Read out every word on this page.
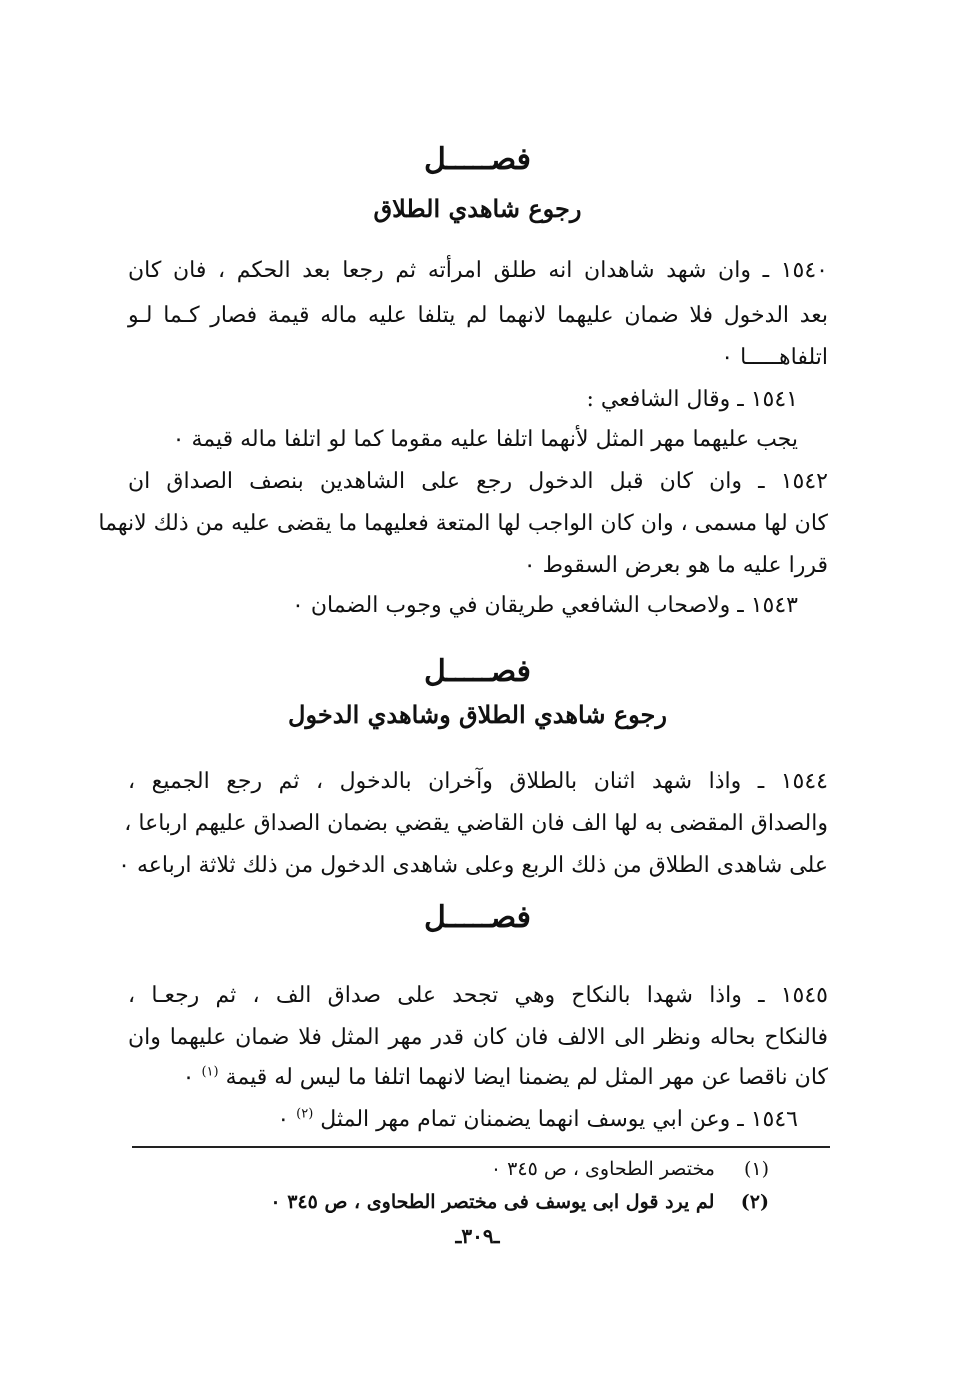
فصـــــل
رجوع شاهدي الطلاق
١٥٤٠ ـ وان شهد شاهدان انه طلق امرأته ثم رجعا بعد الحكم ، فان كان
بعد الدخول فلا ضمان عليهما لانهما لم يتلفا عليه ماله قيمة فصار كـما لـو
اتلفاهـــــا ٠
١٥٤١ ـ وقال الشافعي :
يجب عليهما مهر المثل لأنهما اتلفا عليه مقوما كما لو اتلفا ماله قيمة ٠
١٥٤٢ ـ وان كان قبل الدخول رجع على الشاهدين بنصف الصداق ان
كان لها مسمى ، وان كان الواجب لها المتعة فعليهما ما يقضى عليه من ذلك لانهما
قررا عليه ما هو بعرض السقوط ٠
١٥٤٣ ـ ولاصحاب الشافعي طريقان في وجوب الضمان ٠
فصـــــل
رجوع شاهدي الطلاق وشاهدي الدخول
١٥٤٤ ـ واذا شهد اثنان بالطلاق وآخران بالدخول ، ثم رجع الجميع ،
والصداق المقضى به لها الف فان القاضي يقضي بضمان الصداق عليهم ارباعا ،
على شاهدى الطلاق من ذلك الربع وعلى شاهدى الدخول من ذلك ثلاثة ارباعه ٠
فصـــــل
١٥٤٥ ـ واذا شهدا بالنكاح وهي تجحد على صداق الف ، ثم رجعـا ،
فالنكاح بحاله ونظر الى الالف فان كان قدر مهر المثل فلا ضمان عليهما وان
كان ناقصا عن مهر المثل لم يضمنا ايضا لانهما اتلفا ما ليس له قيمة $^{(١)}$ ٠
١٥٤٦ ـ وعن ابي يوسف انهما يضمنان تمام مهر المثل $^{(٢)}$ ٠
(١) مختصر الطحاوى ، ص ٣٤٥ ٠
(٢) لم يرد قول ابى يوسف فى مختصر الطحاوى ، ص ٣٤٥ ٠
ـ٣٠٩ـ
